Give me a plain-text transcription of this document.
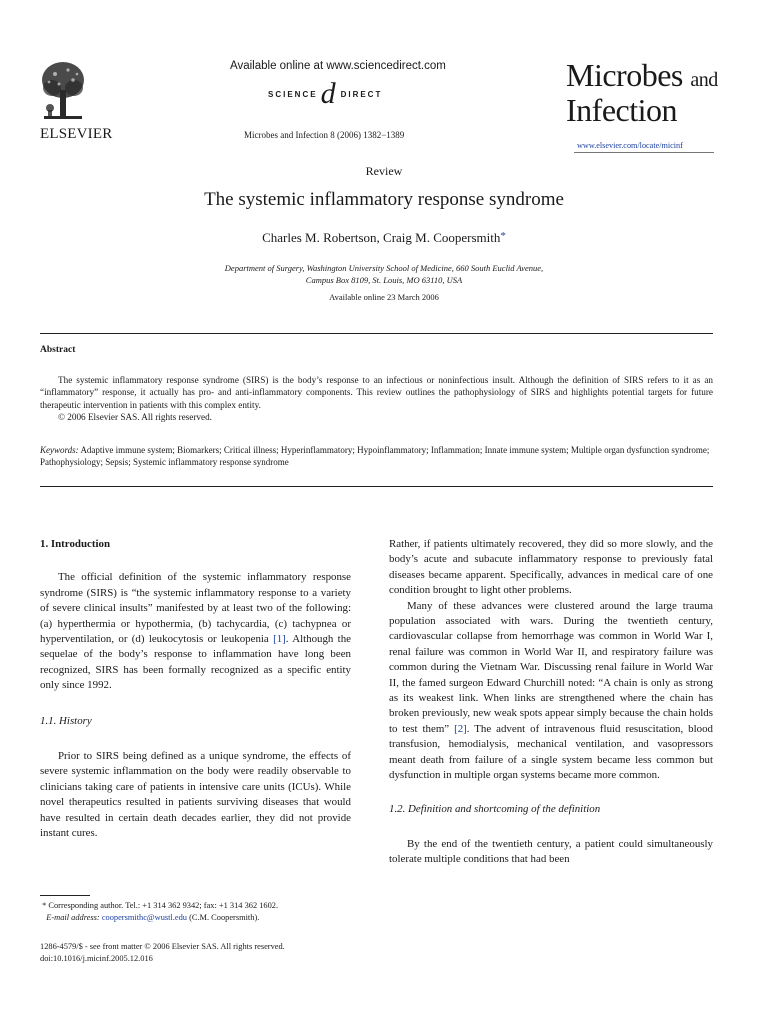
ELSEVIER
Available online at www.sciencedirect.com
SCIENCE d DIRECT
Microbes and Infection 8 (2006) 1382−1389
Microbes and
Infection
www.elsevier.com/locate/micinf
Review
The systemic inflammatory response syndrome
Charles M. Robertson, Craig M. Coopersmith*
Department of Surgery, Washington University School of Medicine, 660 South Euclid Avenue,
Campus Box 8109, St. Louis, MO 63110, USA
Available online 23 March 2006
Abstract

The systemic inflammatory response syndrome (SIRS) is the body’s response to an infectious or noninfectious insult. Although the definition of SIRS refers to it as an “inflammatory” response, it actually has pro- and anti-inflammatory components. This review outlines the pathophysiology of SIRS and highlights potential targets for future therapeutic intervention in patients with this complex entity.

© 2006 Elsevier SAS. All rights reserved.

Keywords: Adaptive immune system; Biomarkers; Critical illness; Hyperinflammatory; Hypoinflammatory; Inflammation; Innate immune system; Multiple organ dysfunction syndrome; Pathophysiology; Sepsis; Systemic inflammatory response syndrome
1. Introduction

The official definition of the systemic inflammatory response syndrome (SIRS) is “the systemic inflammatory response to a variety of severe clinical insults” manifested by at least two of the following: (a) hyperthermia or hypothermia, (b) tachycardia, (c) tachypnea or hyperventilation, or (d) leukocytosis or leukopenia [1]. Although the sequelae of the body’s response to inflammation have long been recognized, SIRS has been formally recognized as a specific entity only since 1992.

1.1. History

Prior to SIRS being defined as a unique syndrome, the effects of severe systemic inflammation on the body were readily observable to clinicians taking care of patients in intensive care units (ICUs). While novel therapeutics resulted in patients surviving diseases that would have resulted in certain death decades earlier, they did not provide instant cures.

Rather, if patients ultimately recovered, they did so more slowly, and the body’s acute and subacute inflammatory response to previously fatal diseases became apparent. Specifically, advances in medical care of one condition brought to light other problems.

Many of these advances were clustered around the large trauma population associated with wars. During the twentieth century, cardiovascular collapse from hemorrhage was common in World War I, renal failure was common in World War II, and respiratory failure was common during the Vietnam War. Discussing renal failure in World War II, the famed surgeon Edward Churchill noted: “A chain is only as strong as its weakest link. When links are strengthened where the chain has broken previously, new weak spots appear simply because the chain holds to test them” [2]. The advent of intravenous fluid resuscitation, blood transfusion, hemodialysis, mechanical ventilation, and vasopressors meant death from failure of a single system became less common but dysfunction in multiple organ systems became more common.

1.2. Definition and shortcoming of the definition

By the end of the twentieth century, a patient could simultaneously tolerate multiple conditions that had been

* Corresponding author. Tel.: +1 314 362 9342; fax: +1 314 362 1602.
E-mail address: coopersmithc@wustl.edu (C.M. Coopersmith).
1286-4579/$ - see front matter © 2006 Elsevier SAS. All rights reserved.
doi:10.1016/j.micinf.2005.12.016
